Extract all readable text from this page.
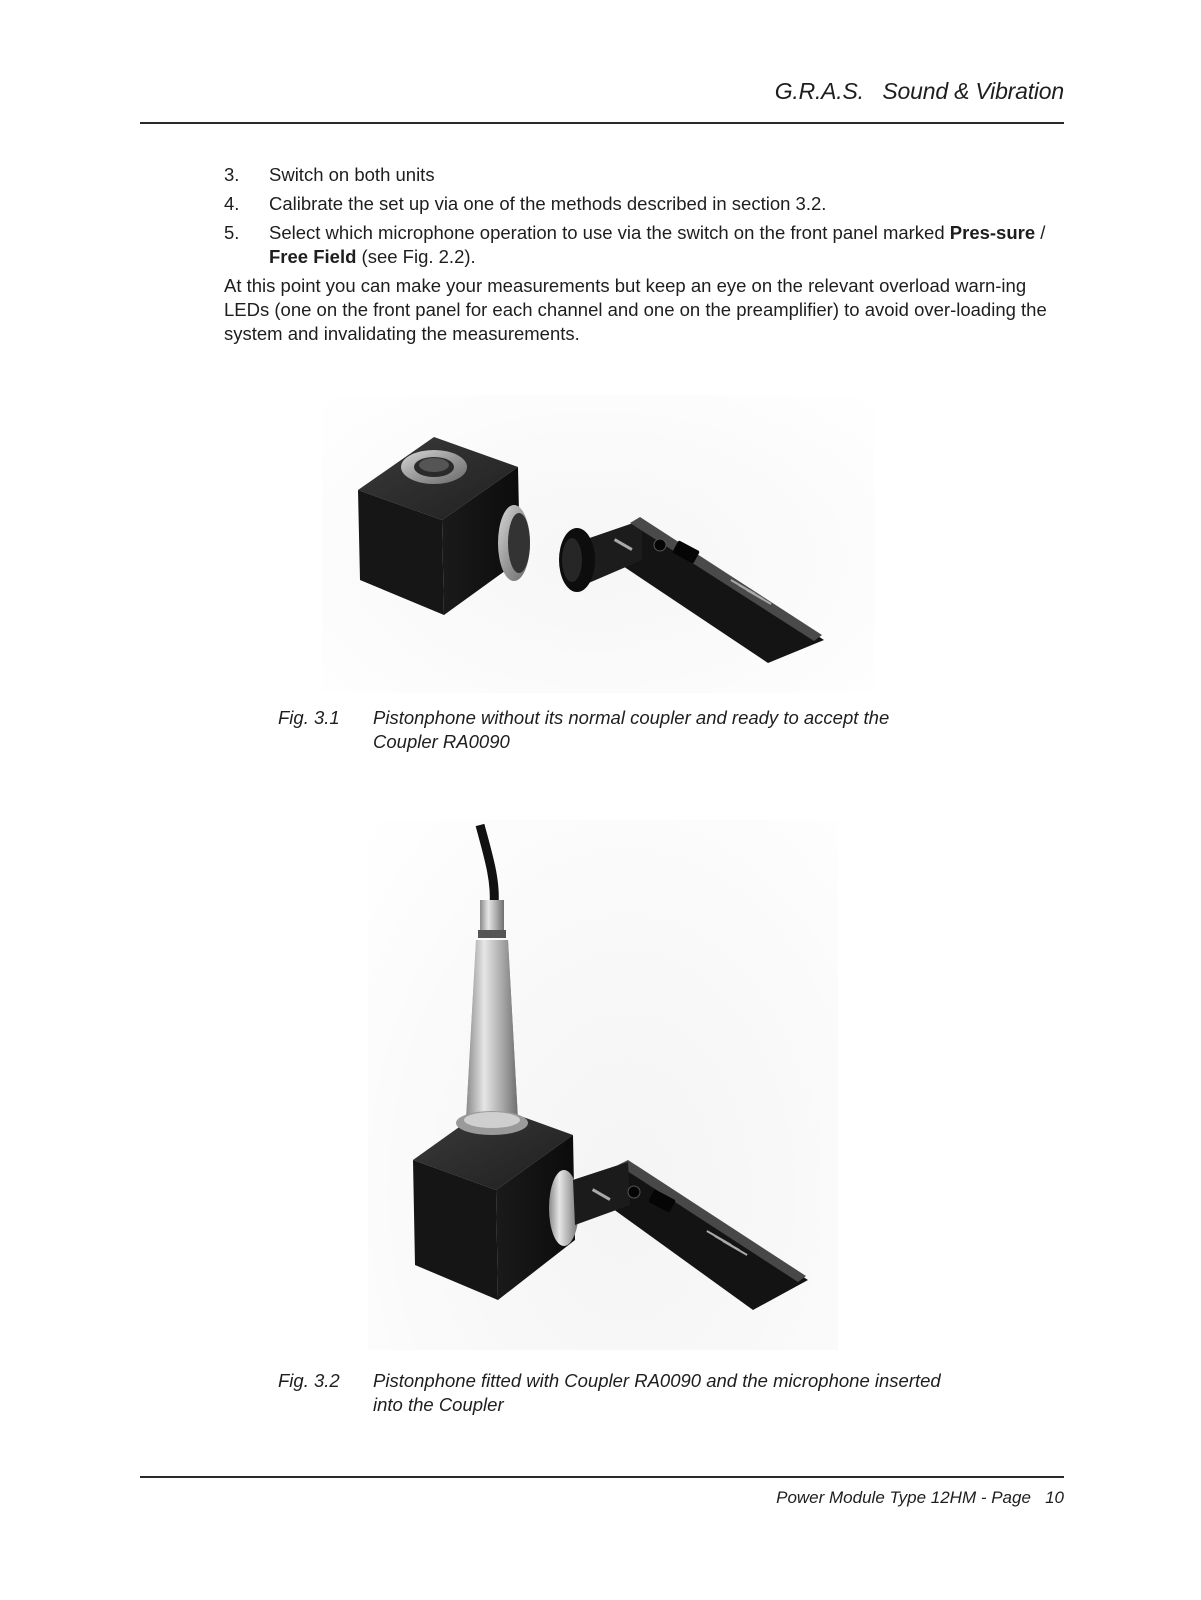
G.R.A.S.   Sound & Vibration
3.	Switch on both units
4.	Calibrate the set up via one of the methods described in section 3.2.
5.	Select which microphone operation to use via the switch on the front panel marked Pres-sure / Free Field (see Fig. 2.2).
At this point you can make your measurements but keep an eye on the relevant overload warn-ing LEDs (one on the front panel for each channel and one on the preamplifier) to avoid over-loading the system and invalidating the measurements.
Fig. 3.1	Pistonphone without its normal coupler and ready to accept the Coupler RA0090
Fig. 3.2	Pistonphone fitted with Coupler RA0090 and the microphone inserted into the Coupler
Power Module Type 12HM - Page   10
